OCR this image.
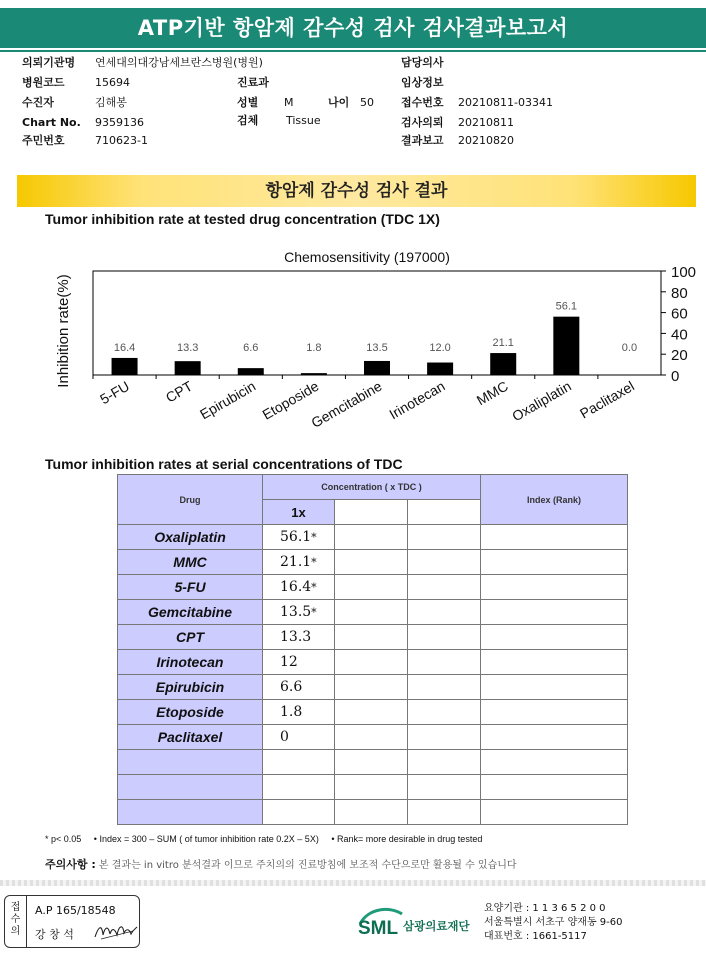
ATP기반 항암제 감수성 검사 검사결과보고서
의뢰기관명 연세대의대강남세브란스병원(병원)
병원코드	15694
수진자	김해봉
Chart No. 9359136
주민번호	710623-1
진료과
성별 M	나이 50
검체	Tissue
담당의사
임상정보
접수번호 20210811-03341
검사의뢰 20210811
결과보고 20210820
항암제 감수성 검사 결과
Tumor inhibition rate at tested drug concentration (TDC 1X)
Chemosensitivity (197000)
Inhibition rate(%)	0
20
40
60
80
100
16.4
5-FU
13.3
CPT
6.6
Epirubicin
1.8
Etoposide
13.5
Gemcitabine
12.0
Irinotecan
21.1
MMC
56.1
Oxaliplatin
0.0
Paclitaxel
Tumor inhibition rates at serial concentrations of TDC
Drug	Concentration ( x TDC )			Index (Rank)
	1x			
Oxaliplatin	56.1*			
MMC	21.1*			
5-FU	16.4*			
Gemcitabine	13.5*			
CPT	13.3			
Irinotecan	12			
Epirubicin	6.6			
Etoposide	1.8			
Paclitaxel	0			

* p< 0.05 • Index = 300 – SUM ( of tumor inhibition rate 0.2X – 5X) • Rank= more desirable in drug tested
주의사항 : 본 결과는 in vitro 분석결과 이므로 주치의의 진료방침에 보조적 수단으로만 활용될 수 있습니다
접
수
의
A.P 165/18548
강 창 석	SML 삼광의료재단
요양기관 : 1 1 3 6 5 2 0 0
서울특별시 서초구 양재동 9-60
대표번호 : 1661-5117
